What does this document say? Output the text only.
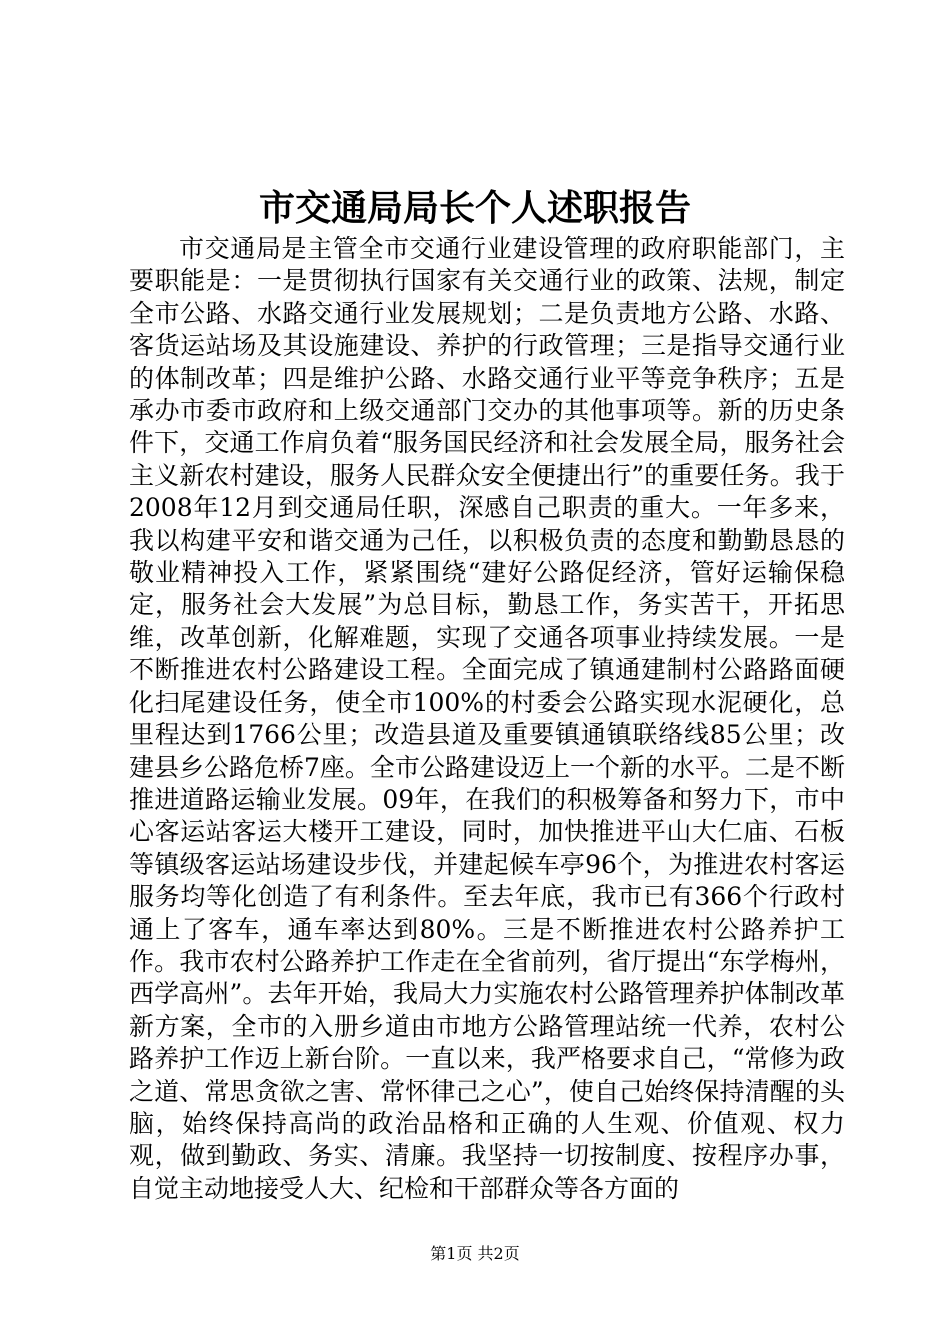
市交通局局长个人述职报告

市交通局是主管全市交通行业建设管理的政府职能部门，主要职能是：一是贯彻执行国家有关交通行业的政策、法规，制定全市公路、水路交通行业发展规划；二是负责地方公路、水路、客货运站场及其设施建设、养护的行政管理；三是指导交通行业的体制改革；四是维护公路、水路交通行业平等竞争秩序；五是承办市委市政府和上级交通部门交办的其他事项等。新的历史条件下，交通工作肩负着“服务国民经济和社会发展全局，服务社会主义新农村建设，服务人民群众安全便捷出行”的重要任务。我于2008年12月到交通局任职，深感自己职责的重大。一年多来，我以构建平安和谐交通为己任，以积极负责的态度和勤勤恳恳的敬业精神投入工作，紧紧围绕“建好公路促经济，管好运输保稳定，服务社会大发展”为总目标，勤恳工作，务实苦干，开拓思维，改革创新，化解难题，实现了交通各项事业持续发展。一是不断推进农村公路建设工程。全面完成了镇通建制村公路路面硬化扫尾建设任务，使全市100%的村委会公路实现水泥硬化，总里程达到1766公里；改造县道及重要镇通镇联络线85公里；改建县乡公路危桥7座。全市公路建设迈上一个新的水平。二是不断推进道路运输业发展。09年，在我们的积极筹备和努力下，市中心客运站客运大楼开工建设，同时，加快推进平山大仁庙、石板等镇级客运站场建设步伐，并建起候车亭96个，为推进农村客运服务均等化创造了有利条件。至去年底，我市已有366个行政村通上了客车，通车率达到80%。三是不断推进农村公路养护工作。我市农村公路养护工作走在全省前列，省厅提出“东学梅州，西学高州”。去年开始，我局大力实施农村公路管理养护体制改革新方案，全市的入册乡道由市地方公路管理站统一代养，农村公路养护工作迈上新台阶。一直以来，我严格要求自己，“常修为政之道、常思贪欲之害、常怀律己之心”，使自己始终保持清醒的头脑，始终保持高尚的政治品格和正确的人生观、价值观、权力观，做到勤政、务实、清廉。我坚持一切按制度、按程序办事，自觉主动地接受人大、纪检和干部群众等各方面的

第1页 共2页
